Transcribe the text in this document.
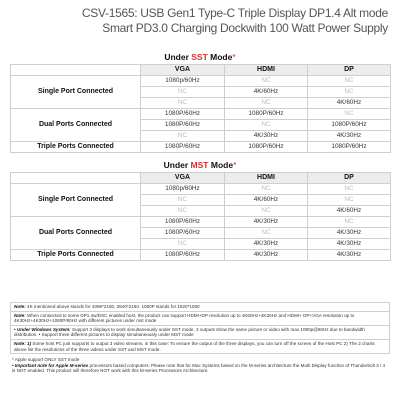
CSV-1565: USB Gen1 Type-C Triple Display DP1.4 Alt mode
Smart PD3.0 Charging Dockwith 100 Watt Power Supply
Under SST Mode*
	VGA	HDMI	DP
Single Port Connected	1080p/60Hz	NC	NC
	NC	4K/60Hz	NC
	NC	NC	4K/60Hz
Dual Ports Connected	1080P/60Hz	1080P/60Hz	NC
	1080P/60Hz	NC	1080P/60Hz
	NC	4K/30Hz	4K/30Hz
Triple Ports Connected	1080P/60Hz	1080P/60Hz	1080P/60Hz
Under MST Mode*
	VGA	HDMI	DP
Single Port Connected	1080p/60Hz	NC	NC
	NC	4K/60Hz	NC
	NC	NC	4K/60Hz
Dual Ports Connected	1080P/60Hz	4K/30Hz	NC
	1080P/60Hz	NC	4K/30Hz
	NC	4K/30Hz	4K/30Hz
Triple Ports Connected	1080P/60Hz	4K/30Hz	4K/30Hz
Note: 4K mentioned above stands for 4096*2160, 3840*2160. 1080P stands for 1920*1080
Note: When connected to some DP1.4w/DSC enabled host, the product can support HDMI+DP resolution up to 4K60Hz+4K30Hz and HDMI+ DP+VGA resolution up to 4K30Hz+4K30Hz+1080P/60Hz with different pictures under mst mode
• Under Windows System: Support 3 displays to work simultaneously under SST mode, 3 outputs show the same picture or video with max 1080p@60Hz due to bandwidth distribution. • Support three different pictures to display simultaneously under MST mode
Note: 1) Some host PC just supports to output 3 video streams, in this case: To ensure the output of the three displays, you can turn off the screen of the Host PC 2) The 2 charts above list the resolutions of the three videos under SST and MST mode.
* Apple support ONLY SST mode
• Important note for Apple M-series processors based computers: Please note that for Mac Systems based on the M-series architecture the Multi Display function of Thunderbolt 3 / 4 is NOT enabled. This product will therefore NOT work with this M-series Processors Architecture.
